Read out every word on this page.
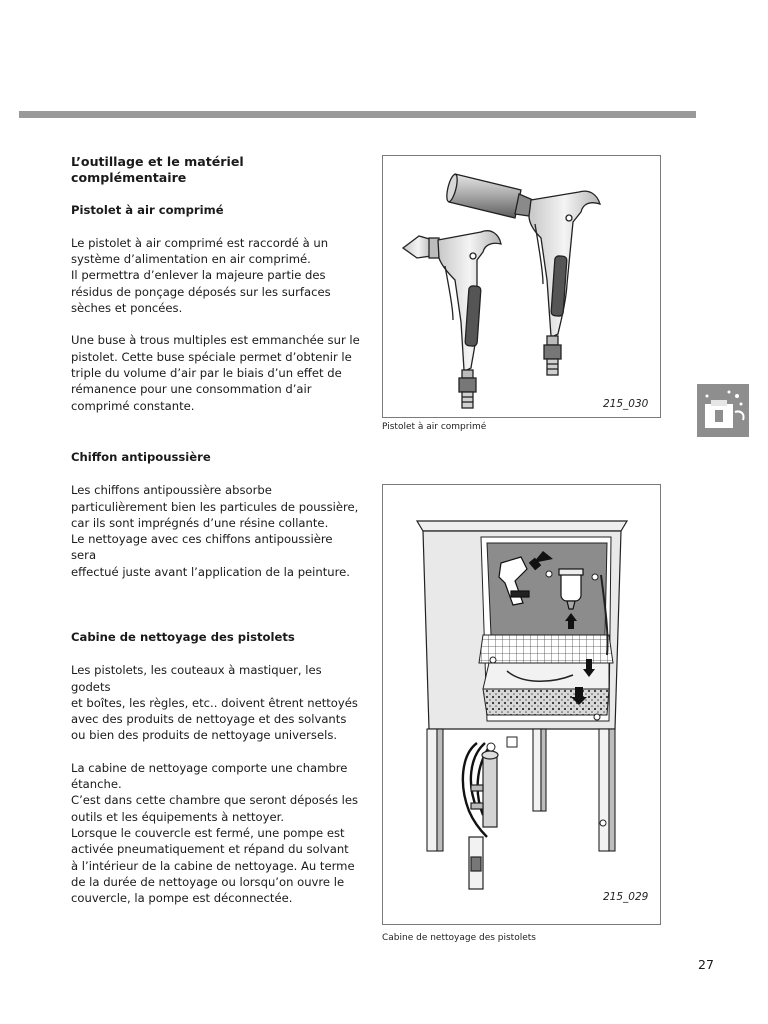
L’outillage et le matériel complémentaire

Pistolet à air comprimé

Le pistolet à air comprimé est raccordé à un
système d’alimentation en air comprimé.
Il permettra d’enlever la majeure partie des
résidus de ponçage déposés sur les surfaces
sèches et poncées.

Une buse à trous multiples est emmanchée sur le
pistolet. Cette buse spéciale permet d’obtenir le
triple du volume d’air par le biais d’un effet de
rémanence pour une consommation d’air
comprimé constante.

Chiffon antipoussière

Les chiffons antipoussière absorbe
particulièrement bien les particules de poussière,
car ils sont imprégnés d’une résine collante.
Le nettoyage avec ces chiffons antipoussière sera
effectué juste avant l’application de la peinture.

Cabine de nettoyage des pistolets

Les pistolets, les couteaux à mastiquer, les godets
et boîtes, les règles, etc.. doivent êtrent nettoyés
avec des produits de nettoyage et des solvants
ou bien des produits de nettoyage universels.

La cabine de nettoyage comporte une chambre
étanche.
C’est dans cette chambre que seront déposés les
outils et les équipements à nettoyer.
Lorsque le couvercle est fermé, une pompe est
activée pneumatiquement et répand du solvant
à l’intérieur de la cabine de nettoyage. Au terme
de la durée de nettoyage ou lorsqu’on ouvre le
couvercle, la pompe est déconnectée.

215_030
Pistolet à air comprimé
215_029
Cabine de nettoyage des pistolets
27
